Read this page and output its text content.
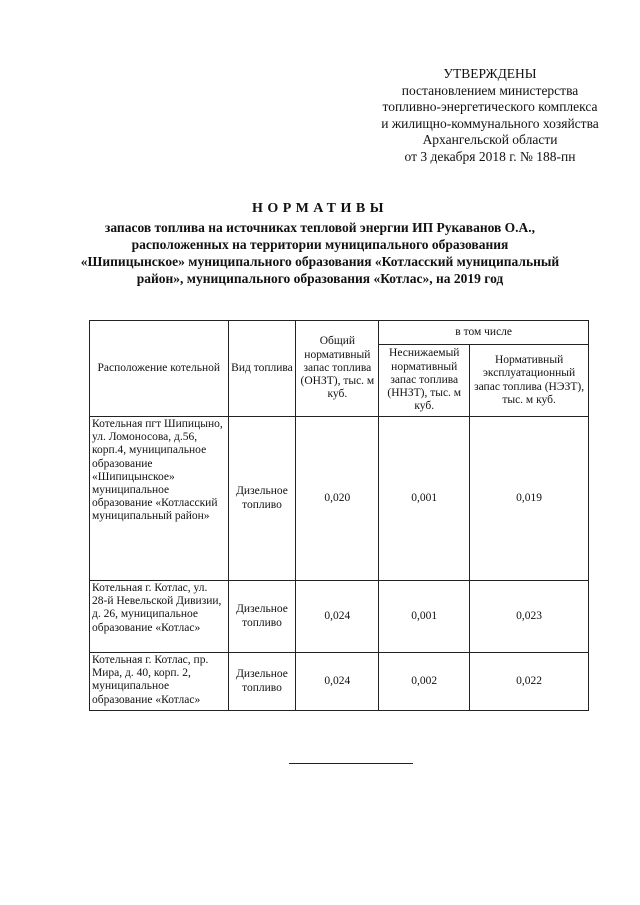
УТВЕРЖДЕНЫ
постановлением министерства
топливно-энергетического комплекса
и жилищно-коммунального хозяйства
Архангельской области
от 3 декабря 2018 г. № 188-пн
НОРМАТИВЫ
запасов топлива на источниках тепловой энергии ИП Рукаванов О.А., расположенных на территории муниципального образования «Шипицынское» муниципального образования «Котласский муниципальный район», муниципального образования «Котлас», на 2019 год
Расположение котельной	Вид топлива	Общий нормативный запас топлива (ОНЗТ), тыс. м куб.	в том числе	
			Неснижаемый нормативный запас топлива (ННЗТ), тыс. м куб.	Нормативный эксплуатационный запас топлива (НЭЗТ), тыс. м куб.
Котельная пгт Шипицыно, ул. Ломоносова, д.56, корп.4, муниципальное образование «Шипицынское» муниципальное образование «Котласский муниципальный район»	Дизельное топливо	0,020	0,001	0,019
Котельная г. Котлас, ул. 28-й Невельской Дивизии, д. 26, муниципальное образование «Котлас»	Дизельное топливо	0,024	0,001	0,023
Котельная г. Котлас, пр. Мира, д. 40, корп. 2, муниципальное образование «Котлас»	Дизельное топливо	0,024	0,002	0,022
